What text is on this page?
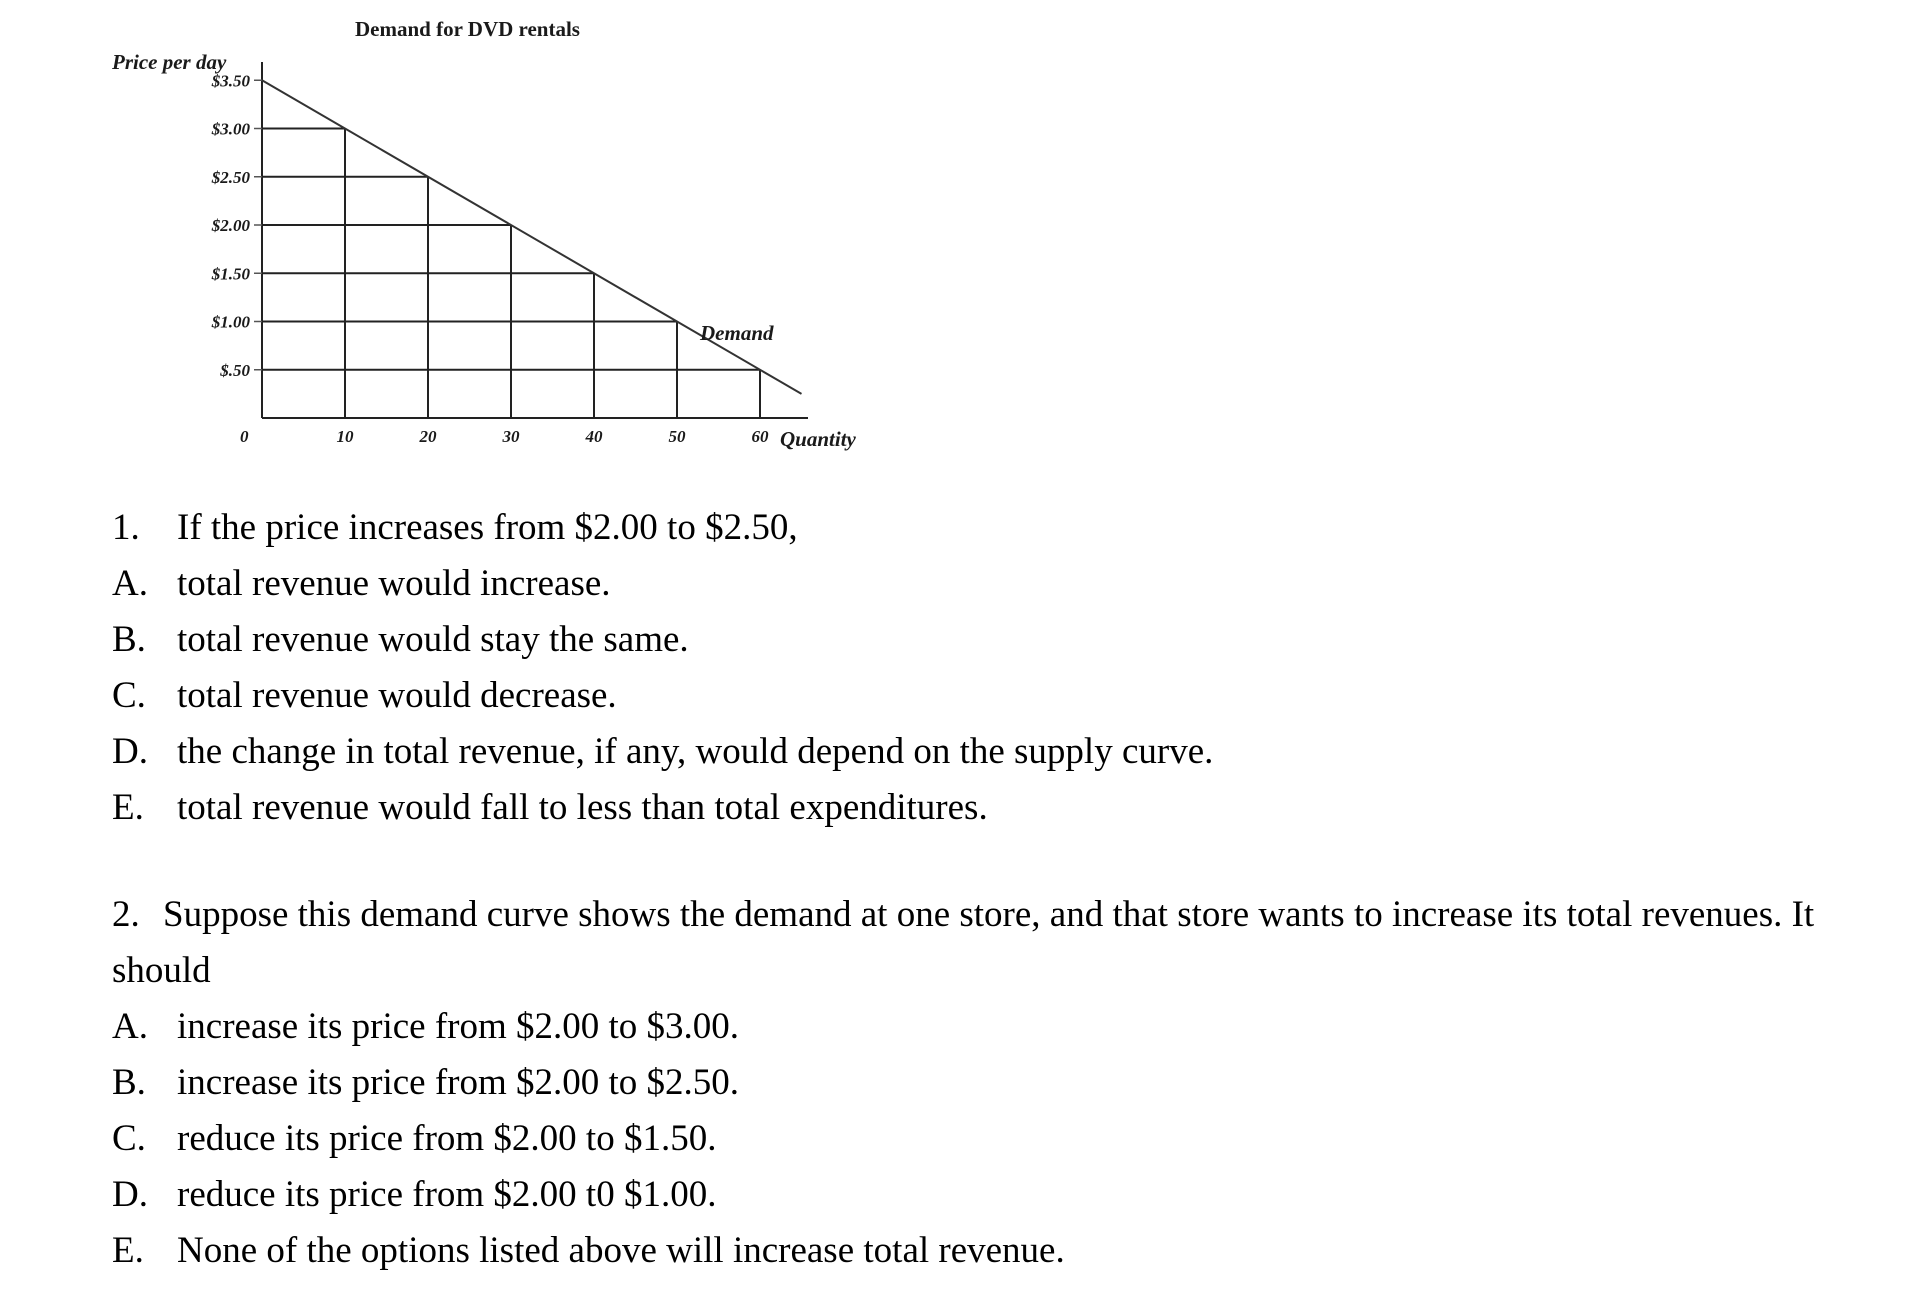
Demand for DVD rentals
Price per day
$3.50
$3.00
$2.50
$2.00
$1.50
$1.00
$.50
10	20	30	40	50	60
0
Demand
Quantity
1.	If the price increases from $2.00 to $2.50,
A. total revenue would increase.
B. total revenue would stay the same.
C. total revenue would decrease.
D. the change in total revenue, if any, would depend on the supply curve.
E. total revenue would fall to less than total expenditures.
2. Suppose this demand curve shows the demand at one store, and that store wants to increase its total revenues. It should
A. increase its price from $2.00 to $3.00.
B. increase its price from $2.00 to $2.50.
C. reduce its price from $2.00 to $1.50.
D. reduce its price from $2.00 t0 $1.00.
E. None of the options listed above will increase total revenue.
